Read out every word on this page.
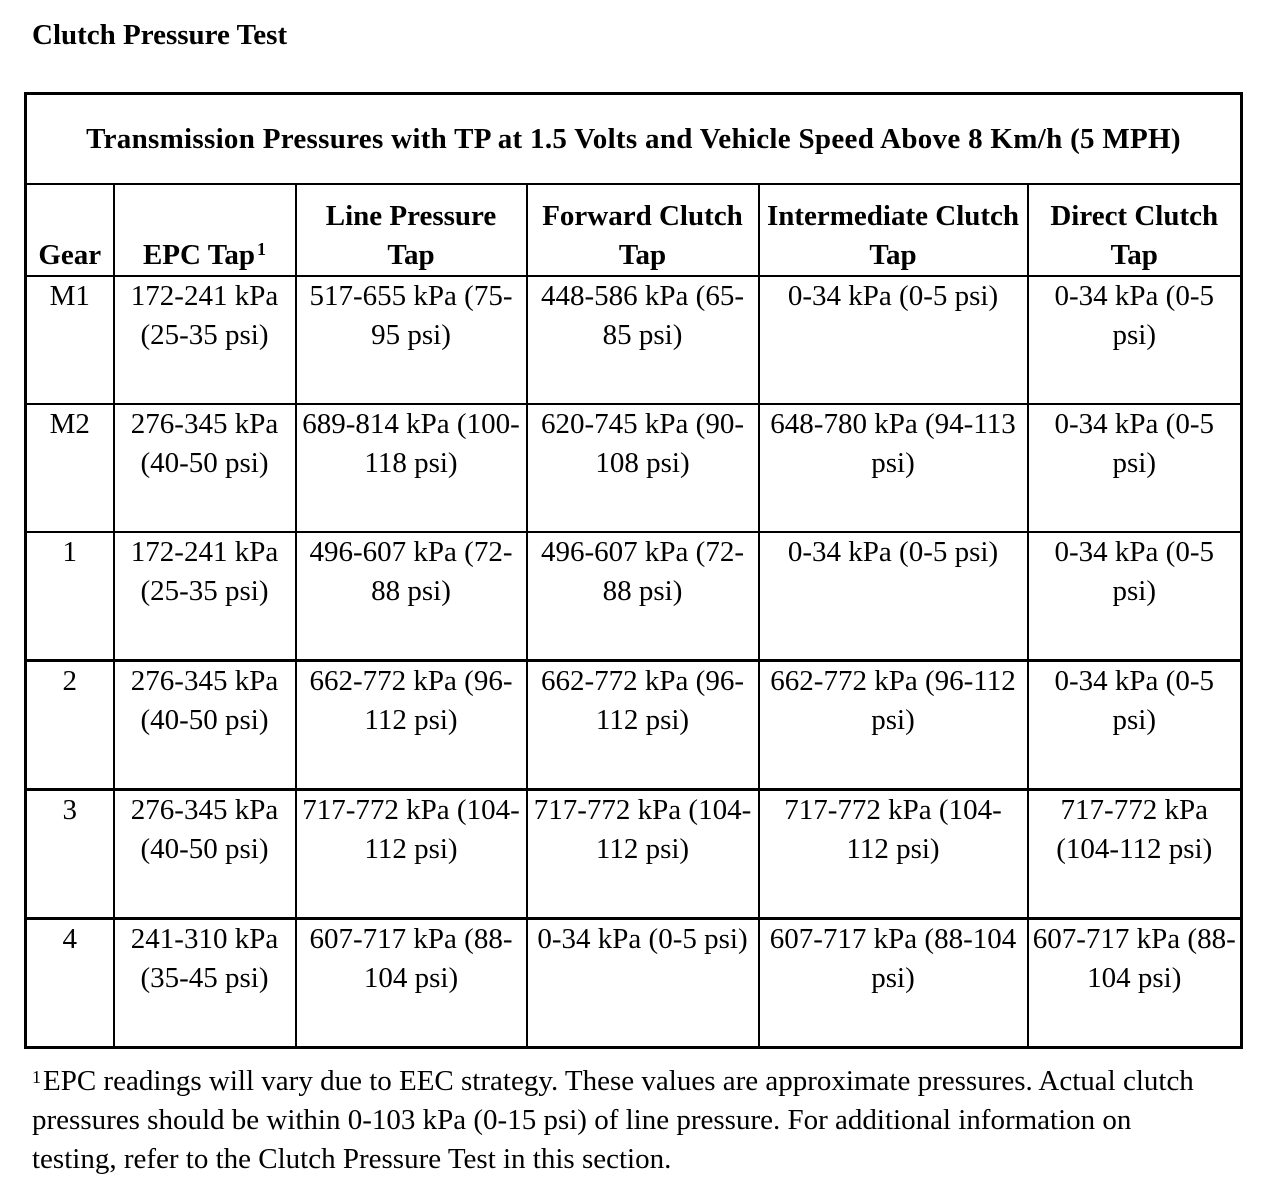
Clutch Pressure Test
Transmission Pressures with TP at 1.5 Volts and Vehicle Speed Above 8 Km/h (5 MPH)					
Gear	EPC Tap $^1$	Line Pressure Tap	Forward Clutch Tap	Intermediate Clutch Tap	Direct Clutch Tap
M1	172-241 kPa (25-35 psi)	517-655 kPa (75-95 psi)	448-586 kPa (65-85 psi)	0-34 kPa (0-5 psi)	0-34 kPa (0-5 psi)
M2	276-345 kPa (40-50 psi)	689-814 kPa (100-118 psi)	620-745 kPa (90-108 psi)	648-780 kPa (94-113 psi)	0-34 kPa (0-5 psi)
1	172-241 kPa (25-35 psi)	496-607 kPa (72-88 psi)	496-607 kPa (72-88 psi)	0-34 kPa (0-5 psi)	0-34 kPa (0-5 psi)
2	276-345 kPa (40-50 psi)	662-772 kPa (96-112 psi)	662-772 kPa (96-112 psi)	662-772 kPa (96-112 psi)	0-34 kPa (0-5 psi)
3	276-345 kPa (40-50 psi)	717-772 kPa (104-112 psi)	717-772 kPa (104-112 psi)	717-772 kPa (104-112 psi)	717-772 kPa (104-112 psi)
4	241-310 kPa (35-45 psi)	607-717 kPa (88-104 psi)	0-34 kPa (0-5 psi)	607-717 kPa (88-104 psi)	607-717 kPa (88-104 psi)

$^1$EPC readings will vary due to EEC strategy. These values are approximate pressures. Actual clutch pressures should be within 0-103 kPa (0-15 psi) of line pressure. For additional information on testing, refer to the Clutch Pressure Test in this section.
